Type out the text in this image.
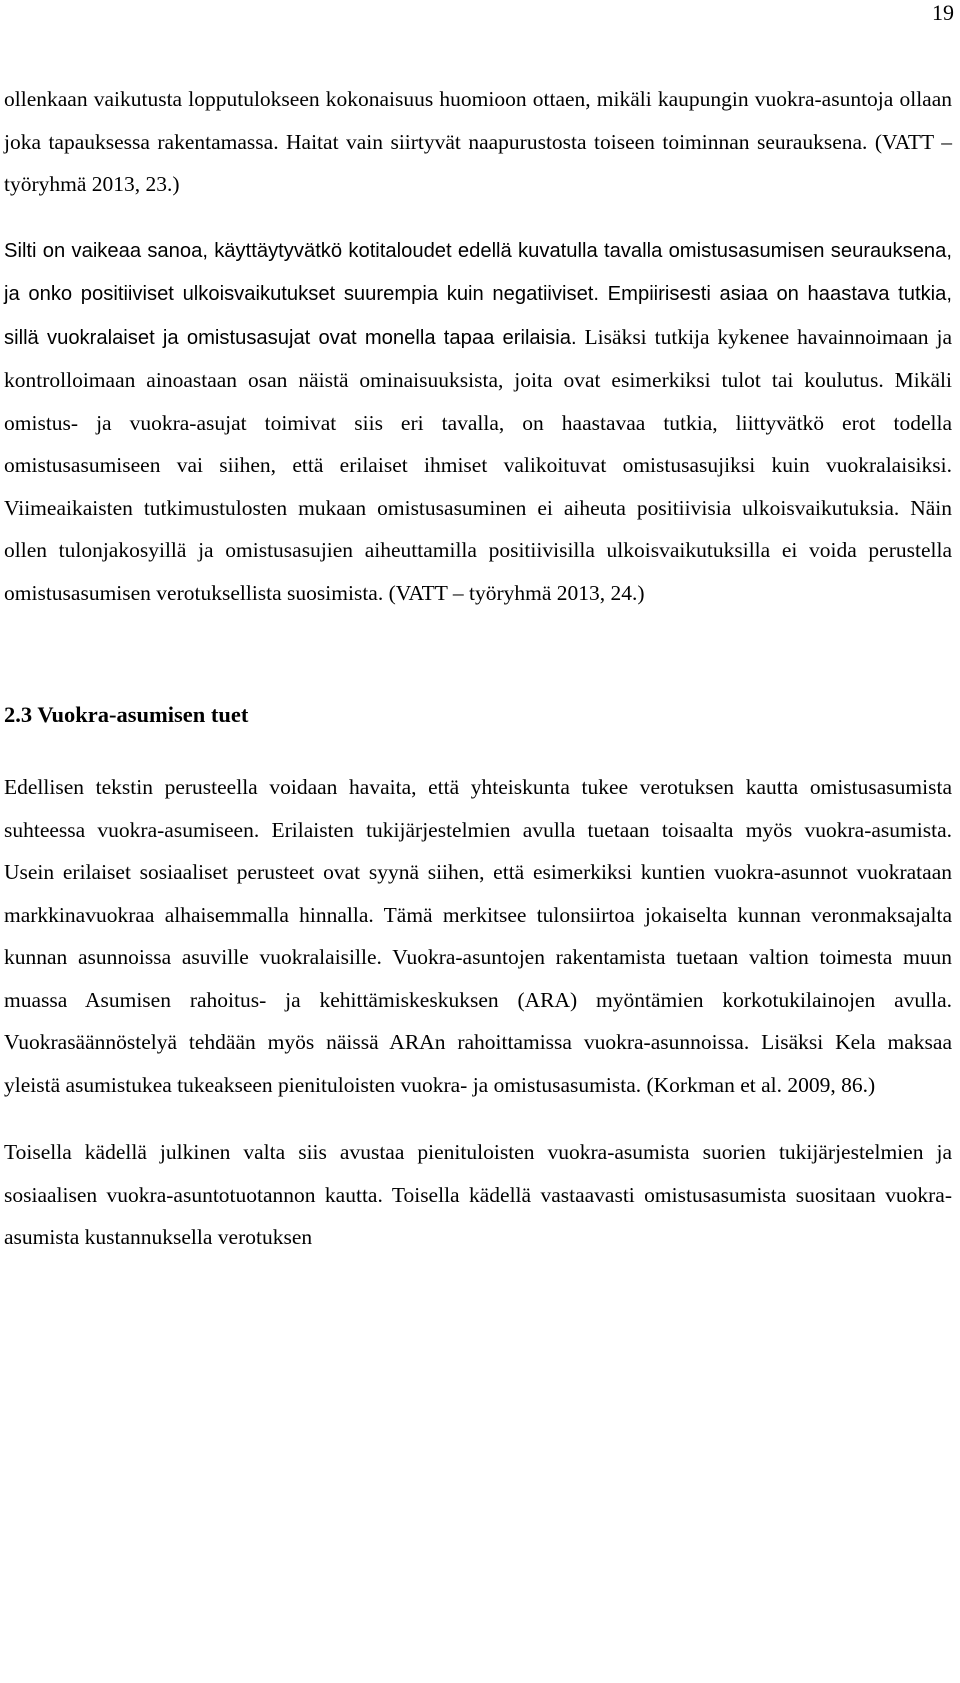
19

ollenkaan vaikutusta lopputulokseen kokonaisuus huomioon ottaen, mikäli kaupungin vuokra-asuntoja ollaan joka tapauksessa rakentamassa. Haitat vain siirtyvät naapurustosta toiseen toiminnan seurauksena. (VATT – työryhmä 2013, 23.)

Silti on vaikeaa sanoa, käyttäytyvätkö kotitaloudet edellä kuvatulla tavalla omistusasumisen seurauksena, ja onko positiiviset ulkoisvaikutukset suurempia kuin negatiiviset. Empiirisesti asiaa on haastava tutkia, sillä vuokralaiset ja omistusasujat ovat monella tapaa erilaisia. Lisäksi tutkija kykenee havainnoimaan ja kontrolloimaan ainoastaan osan näistä ominaisuuksista, joita ovat esimerkiksi tulot tai koulutus. Mikäli omistus- ja vuokra-asujat toimivat siis eri tavalla, on haastavaa tutkia, liittyvätkö erot todella omistusasumiseen vai siihen, että erilaiset ihmiset valikoituvat omistusasujiksi kuin vuokralaisiksi. Viimeaikaisten tutkimustulosten mukaan omistusasuminen ei aiheuta positiivisia ulkoisvaikutuksia. Näin ollen tulonjakosyillä ja omistusasujien aiheuttamilla positiivisilla ulkoisvaikutuksilla ei voida perustella omistusasumisen verotuksellista suosimista. (VATT – työryhmä 2013, 24.)

2.3 Vuokra-asumisen tuet

Edellisen tekstin perusteella voidaan havaita, että yhteiskunta tukee verotuksen kautta omistusasumista suhteessa vuokra-asumiseen. Erilaisten tukijärjestelmien avulla tuetaan toisaalta myös vuokra-asumista. Usein erilaiset sosiaaliset perusteet ovat syynä siihen, että esimerkiksi kuntien vuokra-asunnot vuokrataan markkinavuokraa alhaisemmalla hinnalla. Tämä merkitsee tulonsiirtoa jokaiselta kunnan veronmaksajalta kunnan asunnoissa asuville vuokralaisille. Vuokra-asuntojen rakentamista tuetaan valtion toimesta muun muassa Asumisen rahoitus- ja kehittämiskeskuksen (ARA) myöntämien korkotukilainojen avulla. Vuokrasäännöstelyä tehdään myös näissä ARAn rahoittamissa vuokra-asunnoissa. Lisäksi Kela maksaa yleistä asumistukea tukeakseen pienituloisten vuokra- ja omistusasumista. (Korkman et al. 2009, 86.)

Toisella kädellä julkinen valta siis avustaa pienituloisten vuokra-asumista suorien tukijärjestelmien ja sosiaalisen vuokra-asuntotuotannon kautta. Toisella kädellä vastaavasti omistusasumista suositaan vuokra-asumista kustannuksella verotuksen
